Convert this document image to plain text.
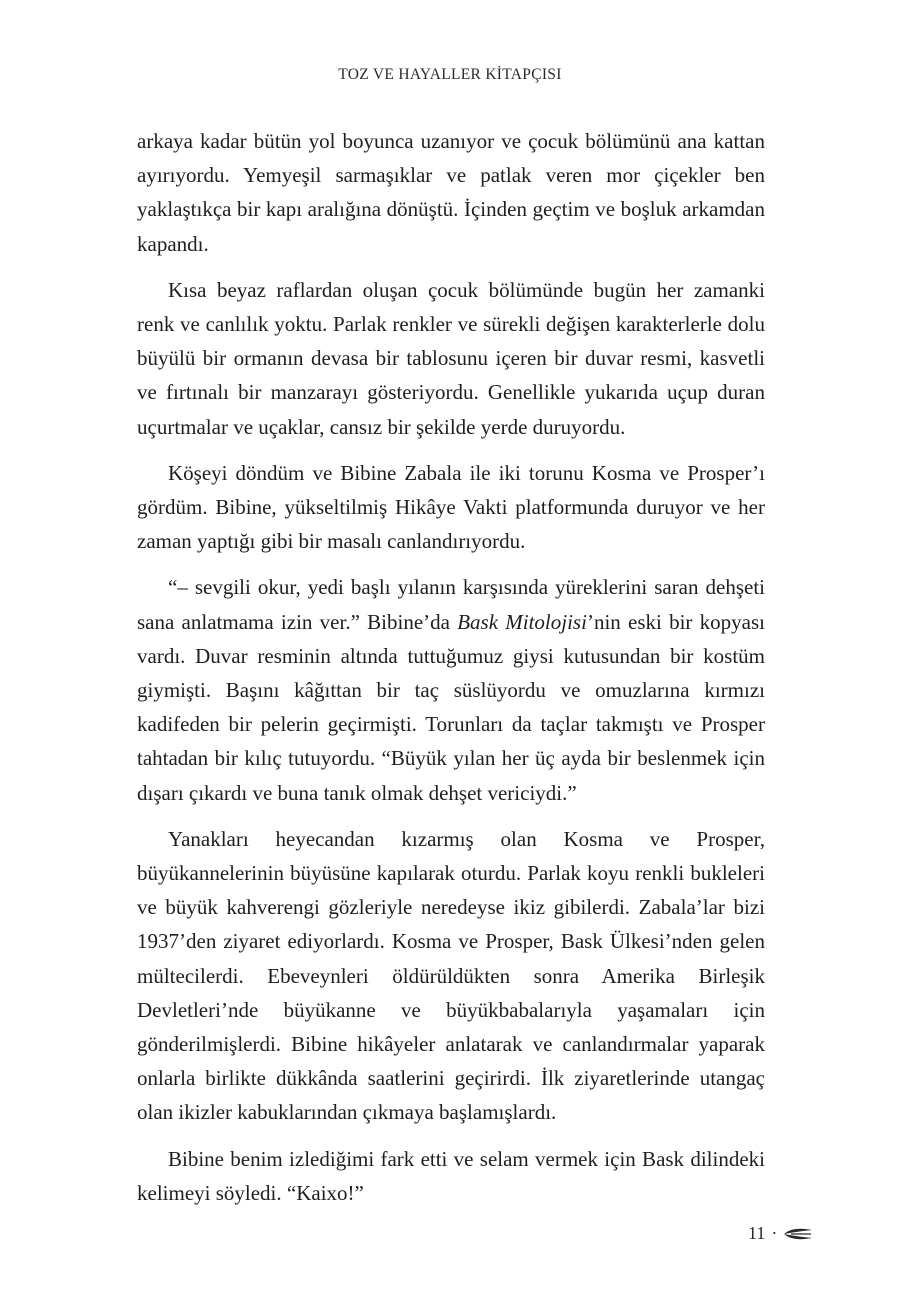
TOZ VE HAYALLER KİTAPÇISI

arkaya kadar bütün yol boyunca uzanıyor ve çocuk bölümünü ana kattan ayırıyordu. Yemyeşil sarmaşıklar ve patlak veren mor çiçekler ben yaklaştıkça bir kapı aralığına dönüştü. İçinden geçtim ve boşluk arkamdan kapandı.

Kısa beyaz raflardan oluşan çocuk bölümünde bugün her zamanki renk ve canlılık yoktu. Parlak renkler ve sürekli değişen karakterlerle dolu büyülü bir ormanın devasa bir tablosunu içeren bir duvar resmi, kasvetli ve fırtınalı bir manzarayı gösteriyordu. Genellikle yukarıda uçup duran uçurtmalar ve uçaklar, cansız bir şekilde yerde duruyordu.

Köşeyi döndüm ve Bibine Zabala ile iki torunu Kosma ve Prosper’ı gördüm. Bibine, yükseltilmiş Hikâye Vakti platformunda duruyor ve her zaman yaptığı gibi bir masalı canlandırıyordu.

“– sevgili okur, yedi başlı yılanın karşısında yüreklerini saran dehşeti sana anlatmama izin ver.” Bibine’da Bask Mitolojisi’nin eski bir kopyası vardı. Duvar resminin altında tuttuğumuz giysi kutusundan bir kostüm giymişti. Başını kâğıttan bir taç süslüyordu ve omuzlarına kırmızı kadifeden bir pelerin geçirmişti. Torunları da taçlar takmıştı ve Prosper tahtadan bir kılıç tutuyordu. “Büyük yılan her üç ayda bir beslenmek için dışarı çıkardı ve buna tanık olmak dehşet vericiydi.”

Yanakları heyecandan kızarmış olan Kosma ve Prosper, büyükannelerinin büyüsüne kapılarak oturdu. Parlak koyu renkli bukleleri ve büyük kahverengi gözleriyle neredeyse ikiz gibilerdi. Zabala’lar bizi 1937’den ziyaret ediyorlardı. Kosma ve Prosper, Bask Ülkesi’nden gelen mültecilerdi. Ebeveynleri öldürüldükten sonra Amerika Birleşik Devletleri’nde büyükanne ve büyükbabalarıyla yaşamaları için gönderilmişlerdi. Bibine hikâyeler anlatarak ve canlandırmalar yaparak onlarla birlikte dükkânda saatlerini geçirirdi. İlk ziyaretlerinde utangaç olan ikizler kabuklarından çıkmaya başlamışlardı.

Bibine benim izlediğimi fark etti ve selam vermek için Bask dilindeki kelimeyi söyledi. “Kaixo!”

11 ·
